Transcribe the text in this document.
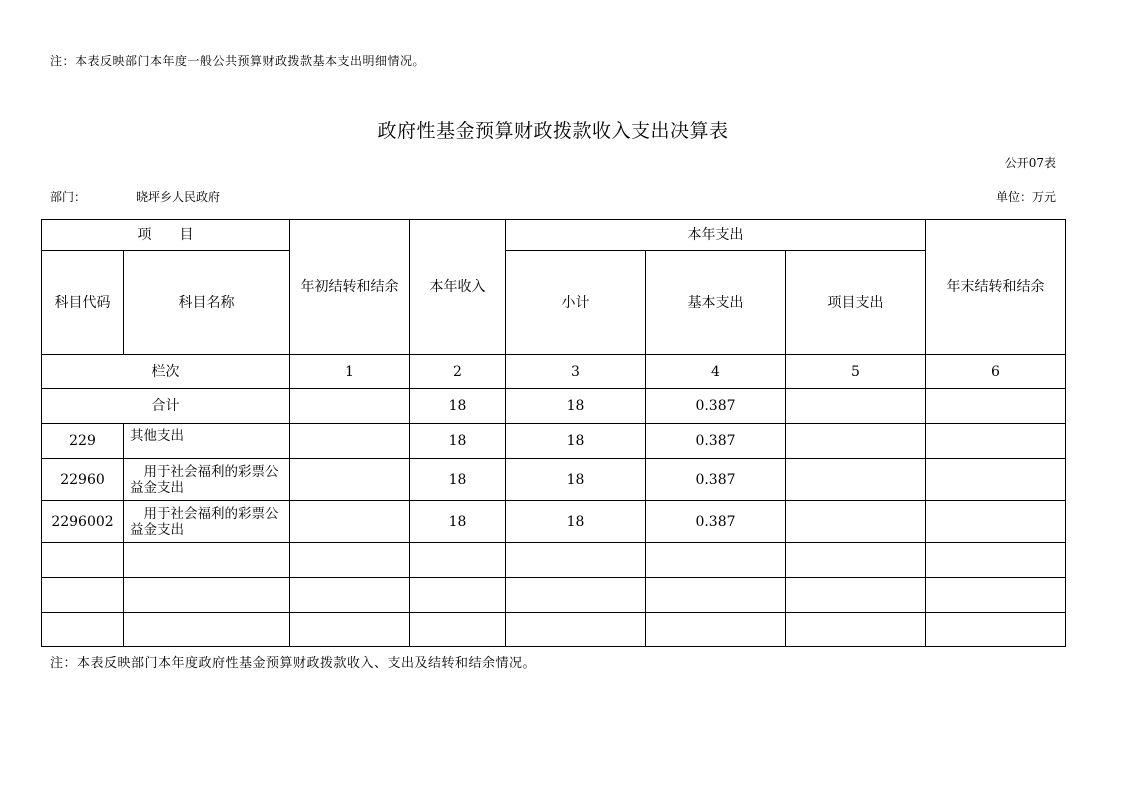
注：本表反映部门本年度一般公共预算财政拨款基本支出明细情况。
政府性基金预算财政拨款收入支出决算表
公开07表
部门：	晓坪乡人民政府	单位：万元
项　　目		年初结转和结余	本年收入	本年支出			年末结转和结余
科目代码	科目名称			小计	基本支出	项目支出	
栏次		1	2	3	4	5	6
合计			18	18	0.387		
229	其他支出		18	18	0.387		
22960	　用于社会福利的彩票公益金支出		18	18	0.387		
2296002	　用于社会福利的彩票公益金支出		18	18	0.387		

注：本表反映部门本年度政府性基金预算财政拨款收入、支出及结转和结余情况。
